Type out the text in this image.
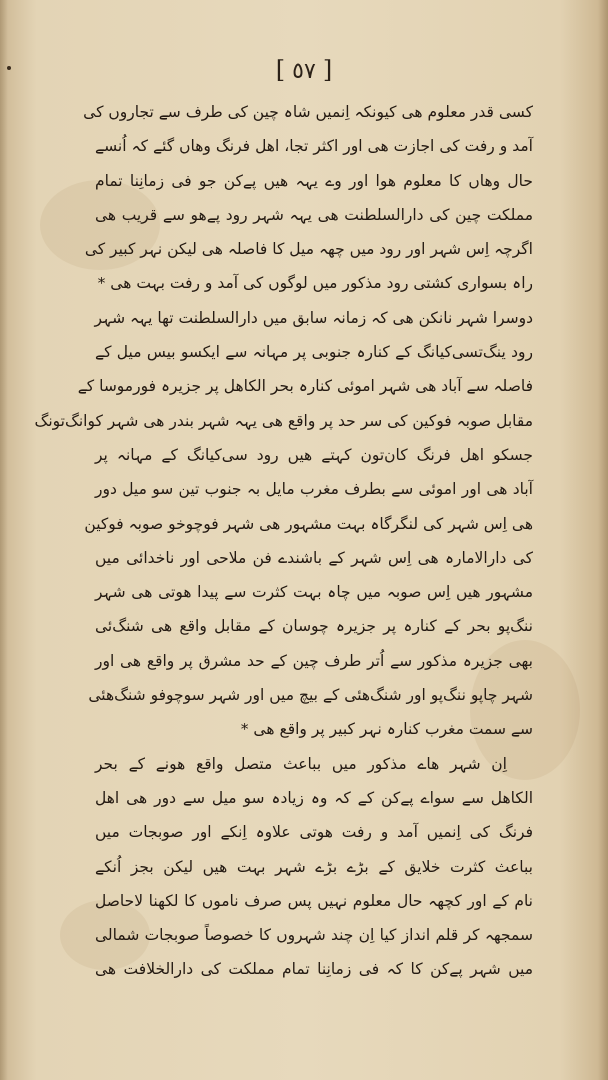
[ ٥٧ ]
کسی قدر معلوم ھی کیونکہ اِنمیں شاہ چین کی طرف سے تجاروں کی
آمد و رفت کی اجازت ھی اور اکثر تجا، اھل فرنگ وھاں گئے کہ اُنسے
حال وھاں کا معلوم ھوا اور وے یہہ ھیں پےکن جو فی زمانِنا تمام
مملکت چین کی دارالسلطنت ھی یہہ شہر رود پےھو سے قریب ھی
اگرچہ اِس شہر اور رود میں چھہ میل کا فاصلہ ھی لیکن نہر کبیر کی
راہ بسواری کشتی رود مذکور میں لوگوں کی آمد و رفت بہت ھی *
دوسرا شہر نانکن ھی کہ زمانہ سابق میں دارالسلطنت تھا یہہ شہر
رود ینگ‌تسی‌کیانگ کے کنارہ جنوبی پر مہانہ سے ایکسو بیس میل کے
فاصلہ سے آباد ھی شہر اموئی کنارہ بحر الکاھل پر جزیرہ فورموسا کے
مقابل صوبہ فوکین کی سر حد پر واقع ھی یہہ شہر بندر ھی شہر کوانگ‌تونگ
جسکو اھل فرنگ کان‌تون کہتے ھیں رود سی‌کیانگ کے مہانہ پر
آباد ھی اور اموئی سے بطرف مغرب مایل بہ جنوب تین سو میل دور
ھی اِس شہر کی لنگرگاہ بہت مشہور ھی شہر فوچوخو صوبہ فوکین
کی دارالامارہ ھی اِس شہر کے باشندے فن ملاحی اور ناخدائی میں
مشہور ھیں اِس صوبہ میں چاہ بہت کثرت سے پیدا ھوتی ھی شہر
ننگ‌پو بحر کے کنارہ پر جزیرہ چوسان کے مقابل واقع ھی شنگ‌ئی
بھی جزیرہ مذکور سے اُتر طرف چین کے حد مشرق پر واقع ھی اور
شہر چاپو ننگ‌پو اور شنگ‌ھئی کے بیچ میں اور شہر سوچوفو شنگ‌ھئی
سے سمت مغرب کنارہ نہر کبیر پر واقع ھی *
اِن شہر ھاے مذکور میں بباعث متصل واقع ھونے کے بحر
الکاھل سے سواے پےکن کے کہ وہ زیادہ سو میل سے دور ھی اھل
فرنگ کی اِنمیں آمد و رفت ھوتی علاوہ اِنکے اور صوبجات میں
بباعث کثرت خلایق کے بڑے بڑے شہر بہت ھیں لیکن بجز اُنکے
نام کے اور کچھہ حال معلوم نہیں پس صرف ناموں کا لکھنا لاحاصل
سمجھہ کر قلم انداز کیا اِن چند شہروں کا خصوصاً صوبجات شمالی
میں شہر پےکن کا کہ فی زمانِنا تمام مملکت کی دارالخلافت ھی
